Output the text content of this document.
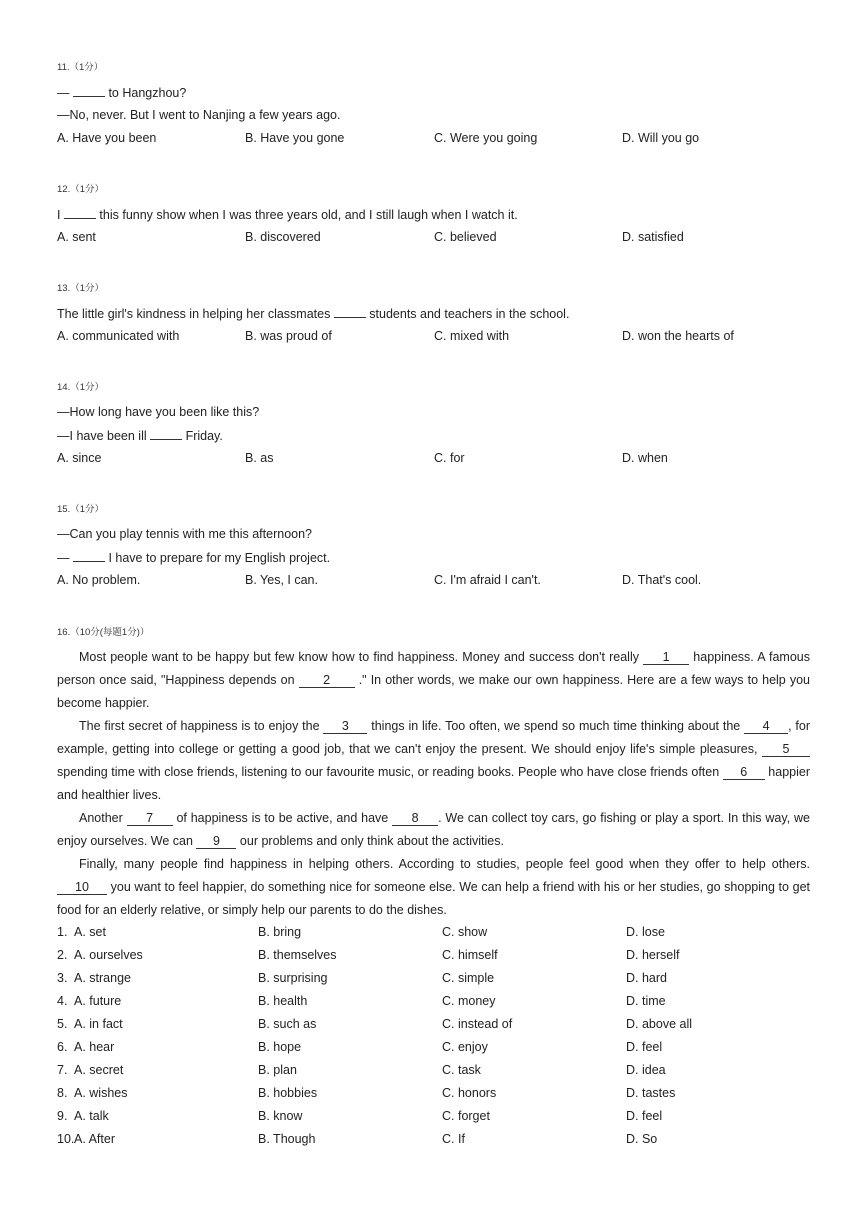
11.（1分）
—	to Hangzhou?
—No, never. But I went to Nanjing a few years ago.
A. Have you been	B. Have you gone	C. Were you going	D. Will you go
12.（1分）
I	this funny show when I was three years old, and I still laugh when I watch it.
A. sent	B. discovered	C. believed	D. satisfied
13.（1分）
The little girl's kindness in helping her classmates	students and teachers in the school.
A. communicated with	B. was proud of	C. mixed with	D. won the hearts of
14.（1分）
—How long have you been like this?
—I have been ill	Friday.
A. since	B. as	C. for	D. when
15.（1分）
—Can you play tennis with me this afternoon?
—	I have to prepare for my English project.
A. No problem.	B. Yes, I can.	C. I'm afraid I can't.	D. That's cool.
16.（10分(每题1分)）
Most people want to be happy but few know how to find happiness. Money and success don't really 1 happiness. A famous person once said, "Happiness depends on 2 ." In other words, we make our own happiness. Here are a few ways to help you become happier.
The first secret of happiness is to enjoy the 3 things in life. Too often, we spend so much time thinking about the 4 , for example, getting into college or getting a good job, that we can't enjoy the present. We should enjoy life's simple pleasures, 5 spending time with close friends, listening to our favourite music, or reading books. People who have close friends often 6 happier and healthier lives.
Another 7 of happiness is to be active, and have 8 . We can collect toy cars, go fishing or play a sport. In this way, we enjoy ourselves. We can 9 our problems and only think about the activities.
Finally, many people find happiness in helping others. According to studies, people feel good when they offer to help others. 10 you want to feel happier, do something nice for someone else. We can help a friend with his or her studies, go shopping to get food for an elderly relative, or simply help our parents to do the dishes.
1. A. set	B. bring	C. show	D. lose
2. A. ourselves	B. themselves	C. himself	D. herself
3. A. strange	B. surprising	C. simple	D. hard
4. A. future	B. health	C. money	D. time
5. A. in fact	B. such as	C. instead of	D. above all
6. A. hear	B. hope	C. enjoy	D. feel
7. A. secret	B. plan	C. task	D. idea
8. A. wishes	B. hobbies	C. honors	D. tastes
9. A. talk	B. know	C. forget	D. feel
10. A. After	B. Though	C. If	D. So
